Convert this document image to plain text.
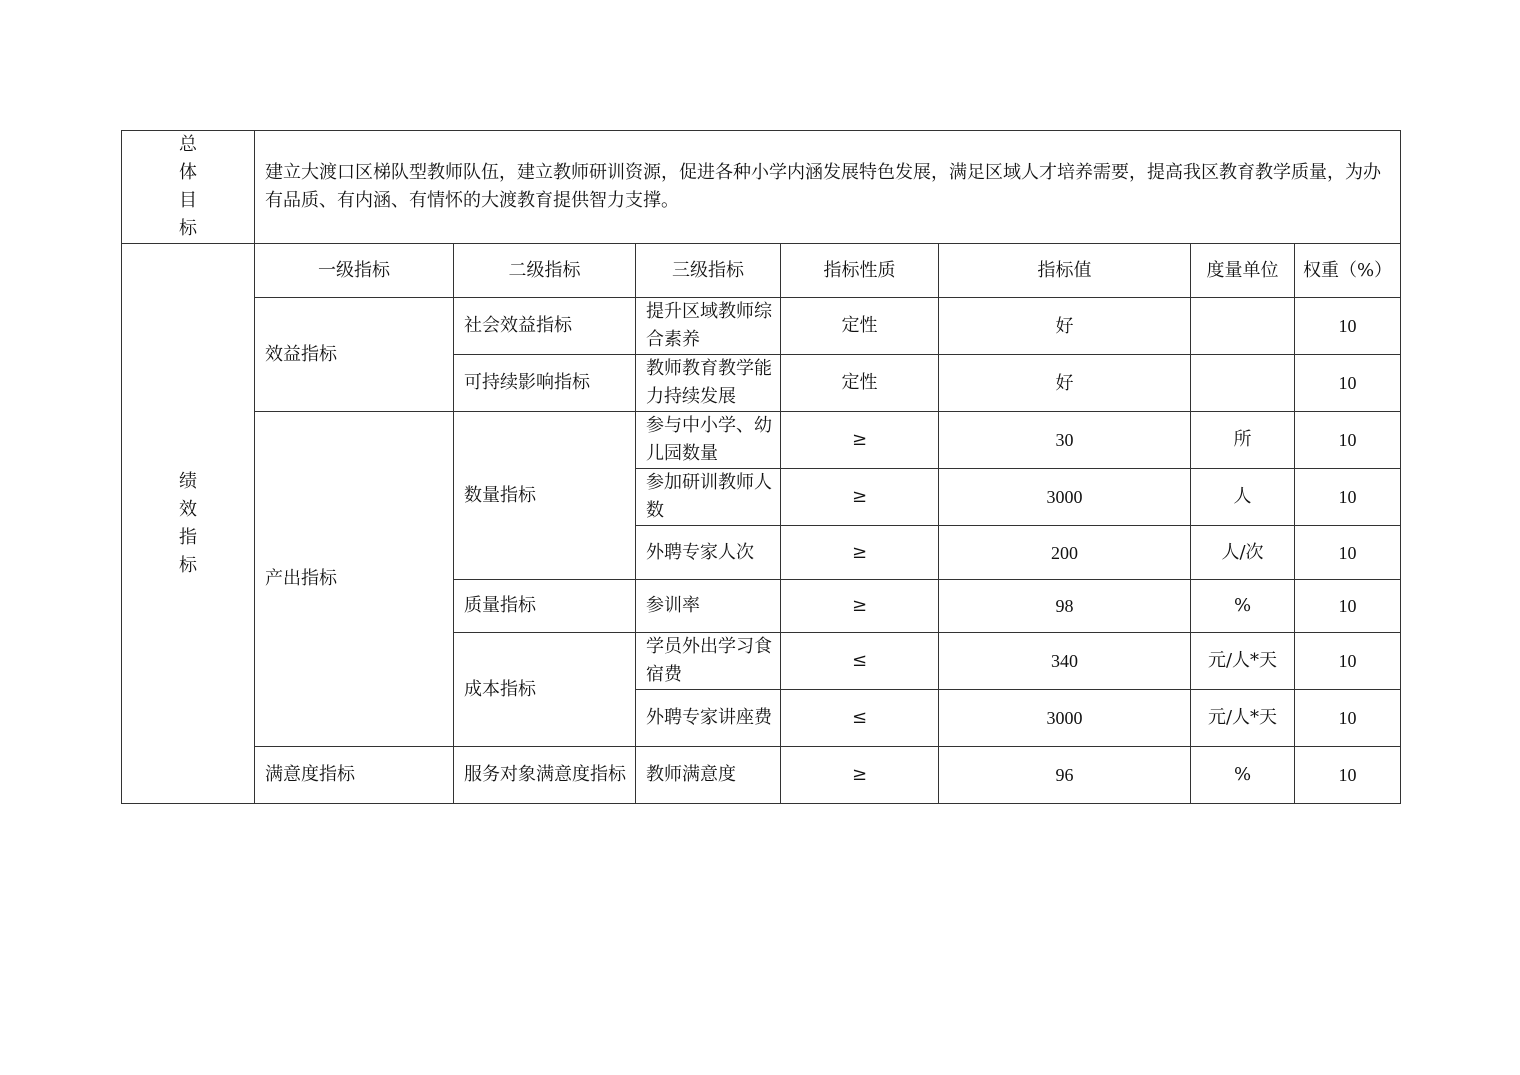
总
体
目
标	建立大渡口区梯队型教师队伍，建立教师研训资源，促进各种小学内涵发展特色发展，满足区域人才培养需要，提高我区教育教学质量，为办有品质、有内涵、有情怀的大渡教育提供智力支撑。						

绩
效
指
标	一级指标	二级指标	三级指标	指标性质	指标值	度量单位	权重（%）
	效益指标	社会效益指标	提升区域教师综合素养	定性	好		10
		可持续影响指标	教师教育教学能力持续发展	定性	好		10
	产出指标	数量指标	参与中小学、幼儿园数量	≥	30	所	10
			参加研训教师人数	≥	3000	人	10
			外聘专家人次	≥	200	人/次	10
		质量指标	参训率	≥	98	%	10
		成本指标	学员外出学习食宿费	≤	340	元/人*天	10
			外聘专家讲座费	≤	3000	元/人*天	10
	满意度指标	服务对象满意度指标	教师满意度	≥	96	%	10
